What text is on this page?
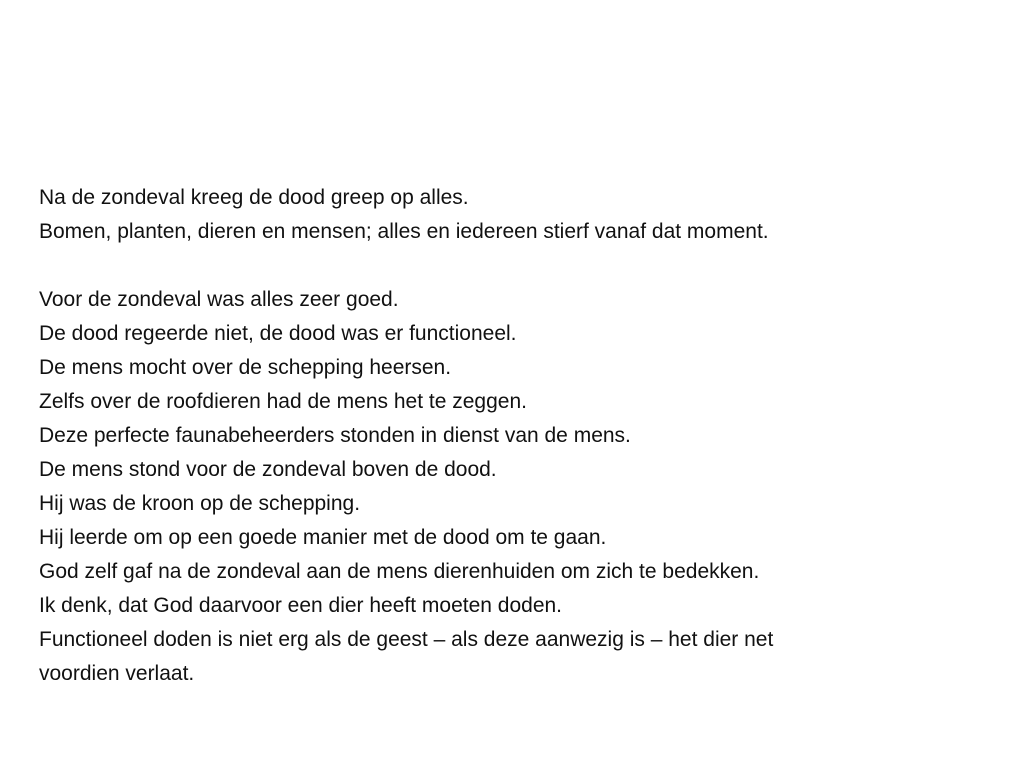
Na de zondeval kreeg de dood greep op alles.
Bomen, planten, dieren en mensen; alles en iedereen stierf vanaf dat moment.

Voor de zondeval was alles zeer goed.
De dood regeerde niet, de dood was er functioneel.
De mens mocht over de schepping heersen.
Zelfs over de roofdieren had de mens het te zeggen.
Deze perfecte faunabeheerders stonden in dienst van de mens.
De mens stond voor de zondeval boven de dood.
Hij was de kroon op de schepping.
Hij leerde om op een goede manier met de dood om te gaan.
God zelf gaf na de zondeval aan de mens dierenhuiden om zich te bedekken.
Ik denk, dat God daarvoor een dier heeft moeten doden.
Functioneel doden is niet erg als de geest – als deze aanwezig is – het dier net
voordien verlaat.
